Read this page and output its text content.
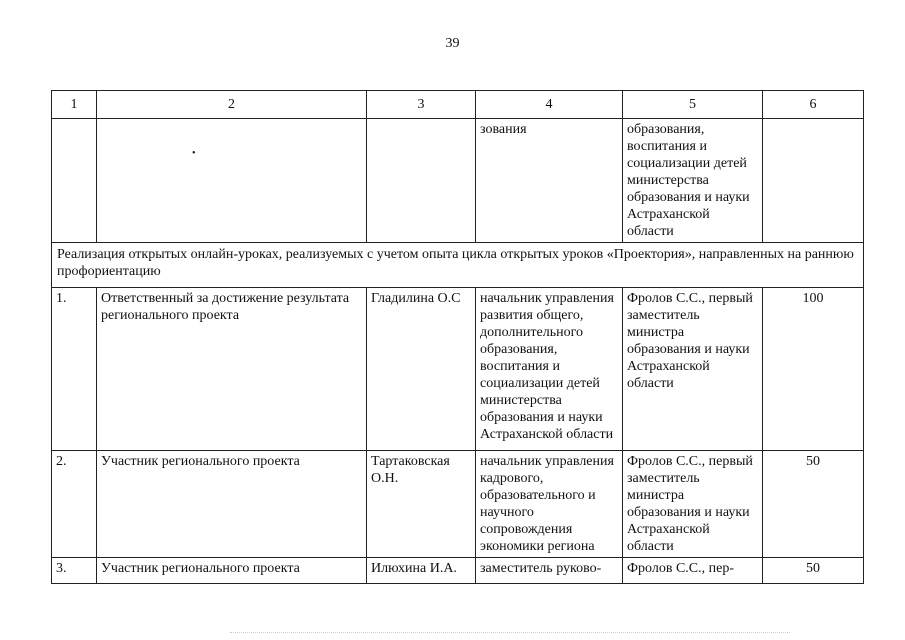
39
1	2	3	4	5	6
			зования	образования, воспитания и социализации детей министерства образования и науки Астраханской области	
Реализация открытых онлайн-уроках, реализуемых с учетом опыта цикла открытых уроков «Проектория», направленных на раннюю профориентацию					
1.	Ответственный за достижение результата регионального проекта	Гладилина О.С	начальник управления развития общего, дополнительного образования, воспитания и социализации детей министерства образования и науки Астраханской области	Фролов С.С., первый заместитель министра образования и науки Астраханской области	100
2.	Участник регионального проекта	Тартаковская О.Н.	начальник управления кадрового, образовательного и научного сопровождения экономики региона	Фролов С.С., первый заместитель министра образования и науки Астраханской области	50
3.	Участник регионального проекта	Илюхина И.А.	заместитель руково-	Фролов С.С., пер-	50
•
